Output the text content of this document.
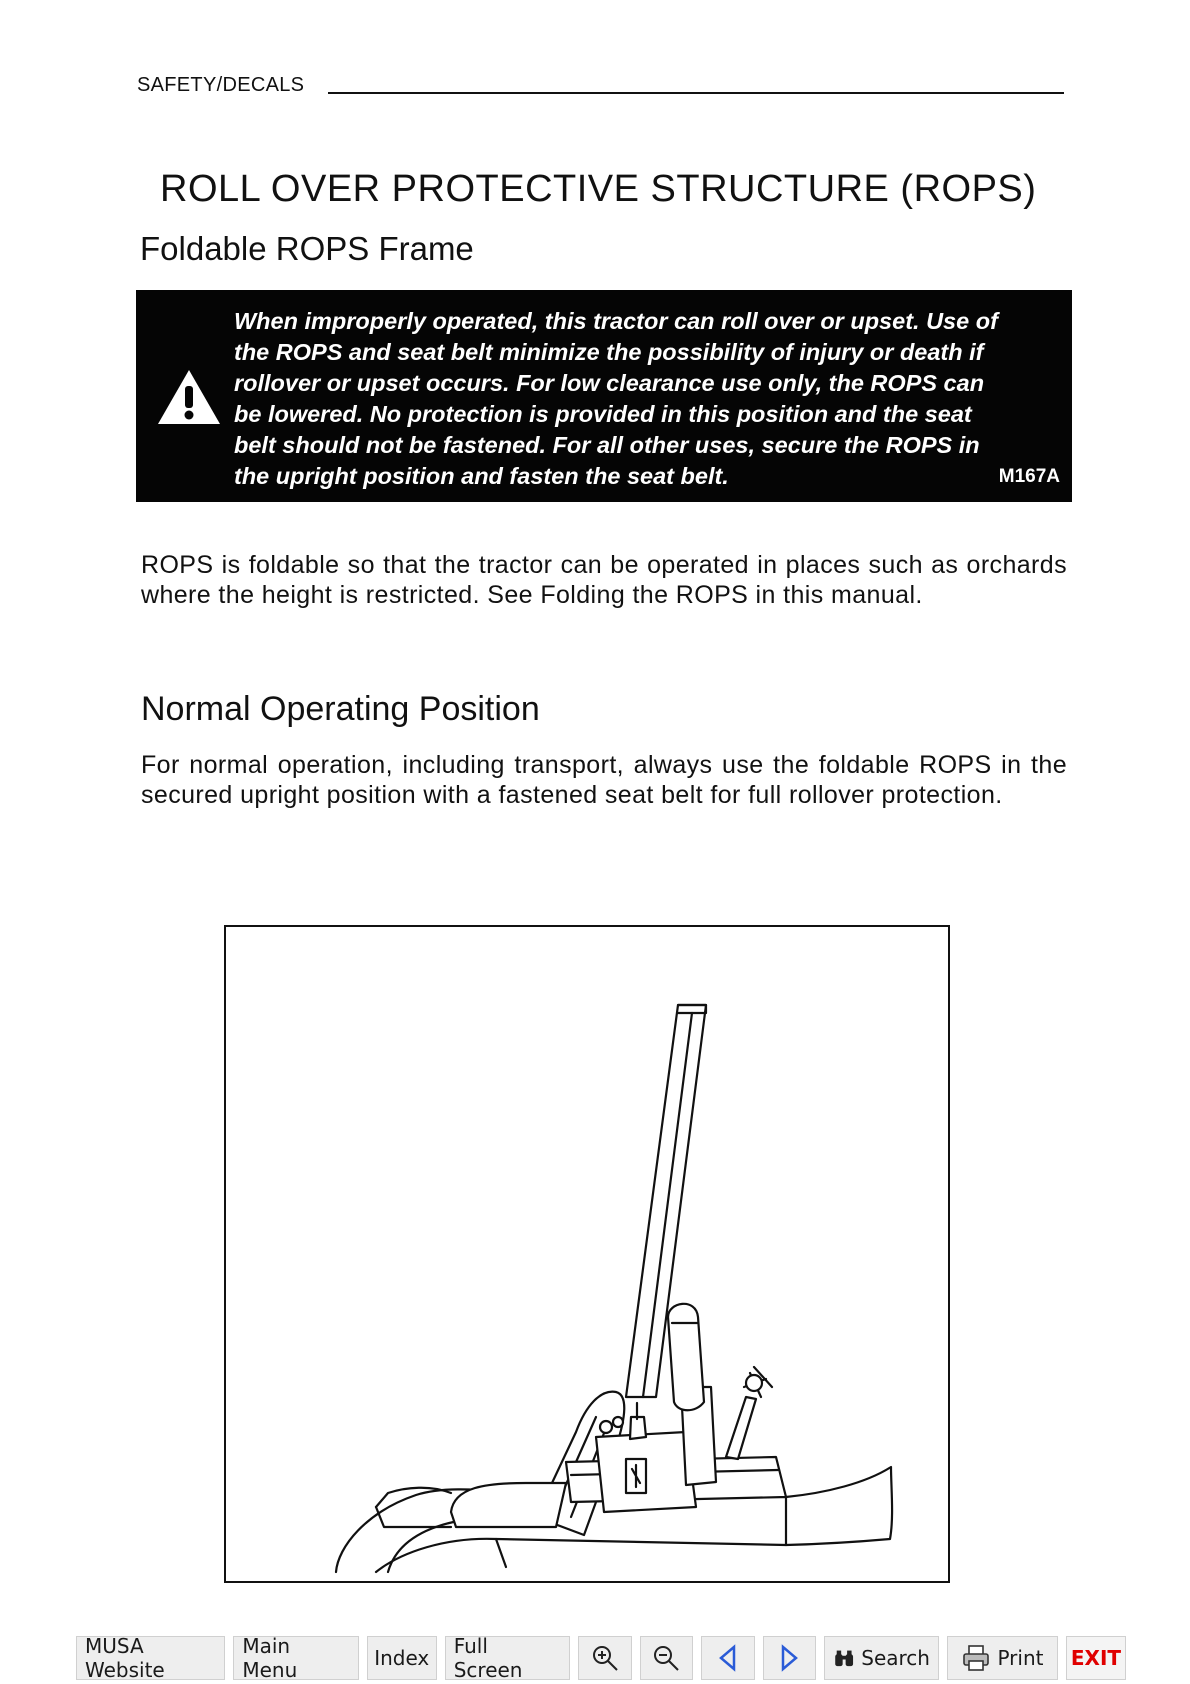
SAFETY/DECALS
ROLL OVER PROTECTIVE STRUCTURE (ROPS)
Foldable ROPS Frame
When improperly operated, this tractor can roll over or upset. Use of the ROPS and seat belt minimize the possibility of injury or death if rollover or upset occurs. For low clearance use only, the ROPS can be lowered. No protection is provided in this position and the seat belt should not be fastened. For all other uses, secure the ROPS in the upright position and fasten the seat belt.	M167A
ROPS is foldable so that the tractor can be operated in places such as orchards where the height is restricted. See Folding the ROPS in this manual.
Normal Operating Position
For normal operation, including transport, always use the foldable ROPS in the secured upright position with a fastened seat belt for full rollover protection.
MUSA Website
Main Menu	Index	Full Screen	Search	Print EXIT
